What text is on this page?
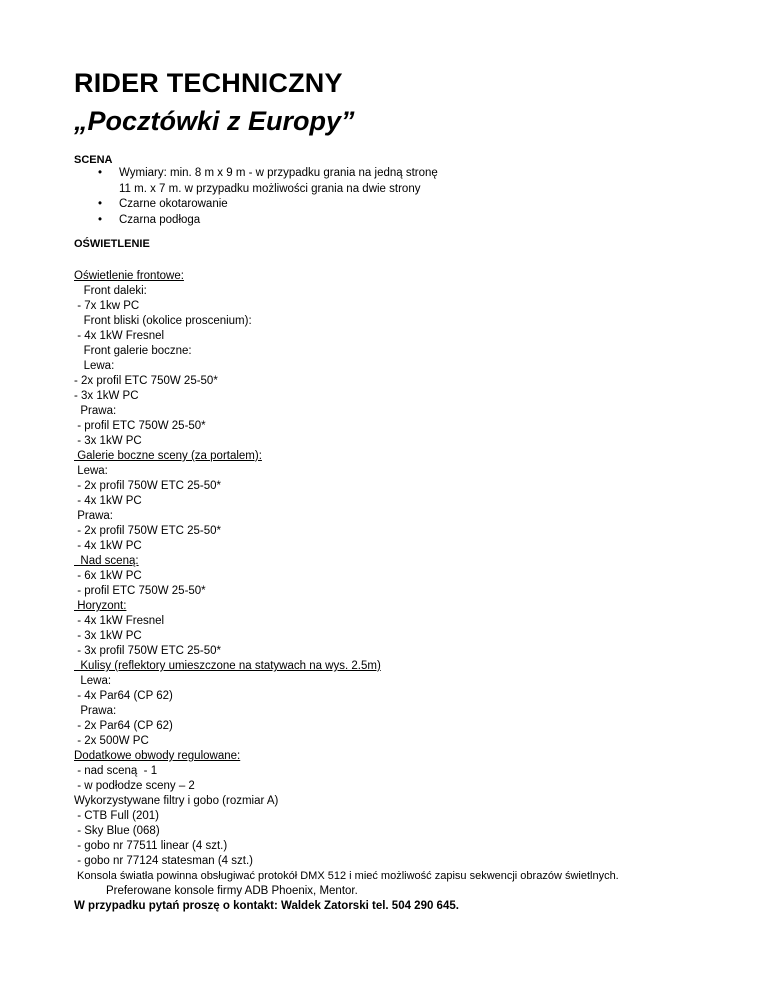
RIDER TECHNICZNY
„Pocztówki z Europy”
SCENA
• Wymiary: min. 8 m x 9 m - w przypadku grania na jedną stronę
11 m. x 7 m. w przypadku możliwości grania na dwie strony
• Czarne okotarowanie
• Czarna podłoga
OŚWIETLENIE
Oświetlenie frontowe:
Front daleki:
- 7x 1kw PC
Front bliski (okolice proscenium):
- 4x 1kW Fresnel
Front galerie boczne:
Lewa:
- 2x profil ETC 750W 25-50*
- 3x 1kW PC
Prawa:
- profil ETC 750W 25-50*
- 3x 1kW PC
Galerie boczne sceny (za portalem):
Lewa:
- 2x profil 750W ETC 25-50*
- 4x 1kW PC
Prawa:
- 2x profil 750W ETC 25-50*
- 4x 1kW PC
Nad sceną:
- 6x 1kW PC
- profil ETC 750W 25-50*
Horyzont:
- 4x 1kW Fresnel
- 3x 1kW PC
- 3x profil 750W ETC 25-50*
Kulisy (reflektory umieszczone na statywach na wys. 2.5m)
Lewa:
- 4x Par64 (CP 62)
Prawa:
- 2x Par64 (CP 62)
- 2x 500W PC
Dodatkowe obwody regulowane:
- nad sceną  - 1
- w podłodze sceny – 2
Wykorzystywane filtry i gobo (rozmiar A)
- CTB Full (201)
- Sky Blue (068)
- gobo nr 77511 linear (4 szt.)
- gobo nr 77124 statesman (4 szt.)
Konsola światła powinna obsługiwać protokół DMX 512 i mieć możliwość zapisu sekwencji obrazów świetlnych.
Preferowane konsole firmy ADB Phoenix, Mentor.
W przypadku pytań proszę o kontakt: Waldek Zatorski tel. 504 290 645.
